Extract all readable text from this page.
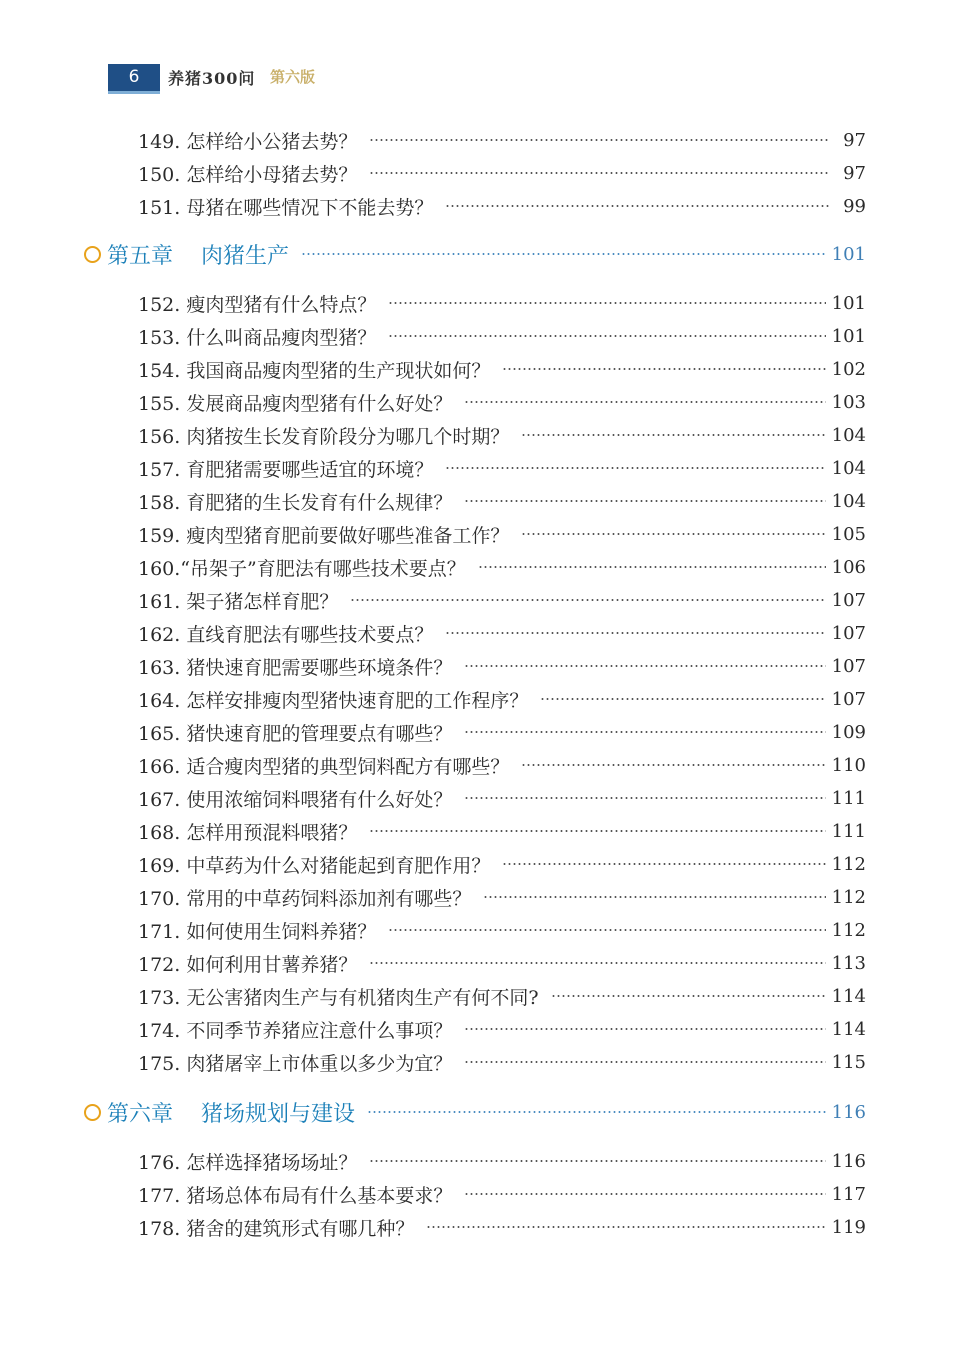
6	养猪300问 第六版
149. 怎样给小公猪去势？	97
150. 怎样给小母猪去势？	97
151. 母猪在哪些情况下不能去势？	99
第五章 肉猪生产	101
152. 瘦肉型猪有什么特点？	101
153. 什么叫商品瘦肉型猪？	101
154. 我国商品瘦肉型猪的生产现状如何？	102
155. 发展商品瘦肉型猪有什么好处？	103
156. 肉猪按生长发育阶段分为哪几个时期？	104
157. 育肥猪需要哪些适宜的环境？	104
158. 育肥猪的生长发育有什么规律？	104
159. 瘦肉型猪育肥前要做好哪些准备工作？	105
160.“吊架子”育肥法有哪些技术要点？	106
161. 架子猪怎样育肥？	107
162. 直线育肥法有哪些技术要点？	107
163. 猪快速育肥需要哪些环境条件？	107
164. 怎样安排瘦肉型猪快速育肥的工作程序？	107
165. 猪快速育肥的管理要点有哪些？	109
166. 适合瘦肉型猪的典型饲料配方有哪些？	110
167. 使用浓缩饲料喂猪有什么好处？	111
168. 怎样用预混料喂猪？	111
169. 中草药为什么对猪能起到育肥作用？	112
170. 常用的中草药饲料添加剂有哪些？	112
171. 如何使用生饲料养猪？	112
172. 如何利用甘薯养猪？	113
173. 无公害猪肉生产与有机猪肉生产有何不同?	114
174. 不同季节养猪应注意什么事项？	114
175. 肉猪屠宰上市体重以多少为宜？	115
第六章 猪场规划与建设	116
176. 怎样选择猪场场址？	116
177. 猪场总体布局有什么基本要求？	117
178. 猪舍的建筑形式有哪几种？	119
